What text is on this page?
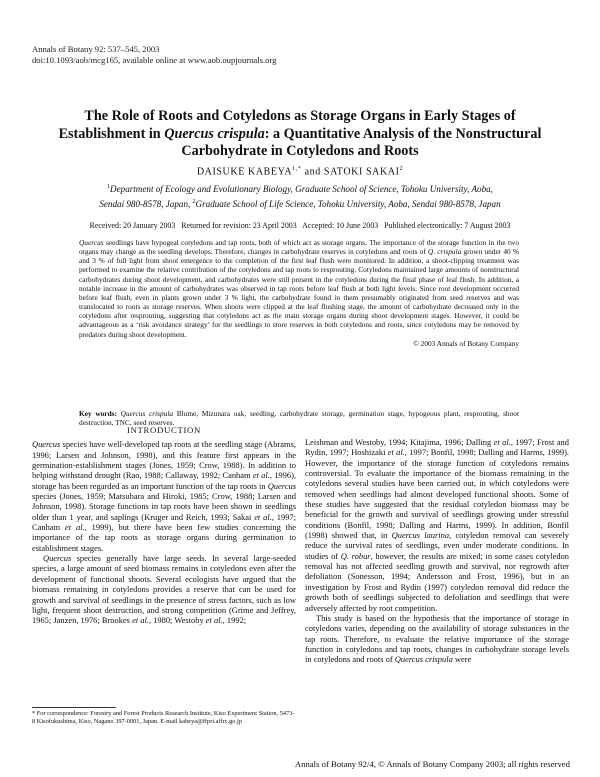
Annals of Botany 92: 537–545, 2003
doi:10.1093/aob/mcg165, available online at www.aob.oupjournals.org
The Role of Roots and Cotyledons as Storage Organs in Early Stages of
Establishment in Quercus crispula: a Quantitative Analysis of the Nonstructural
Carbohydrate in Cotyledons and Roots
DAISUKE $KABEYA^{1,*}$ and SATOKI SAKAI$^2$
$^1$Department of Ecology and Evolutionary Biology, Graduate School of Science, Tohoku University, Aoba,
Sendai 980-8578, Japan, $^2$Graduate School of Life Science, Tohoku University, Aoba, Sendai 980-8578, Japan
Received: 20 January 2003   Returned for revision: 23 April 2003   Accepted: 10 June 2003   Published electronically: 7 August 2003

Quercus seedlings have hypogeal cotyledons and tap roots, both of which act as storage organs. The importance of the storage function in the two organs may change as the seedling develops. Therefore, changes in carbohydrate reserves in cotyledons and roots of Q. crispula grown under 40 % and 3 % of full light from shoot emergence to the completion of the first leaf flush were monitored. In addition, a shoot-clipping treatment was performed to examine the relative contribution of the cotyledons and tap roots to resprouting. Cotyledons maintained large amounts of nonstructural carbohydrates during shoot development, and carbohydrates were still present in the cotyledons during the final phase of leaf flush. In addition, a notable increase in the amount of carbohydrates was observed in tap roots before leaf flush at both light levels. Since root development occurred before leaf flush, even in plants grown under 3 % light, the carbohydrate found in them presumably originated from seed reserves and was translocated to roots as storage reserves. When shoots were clipped at the leaf flushing stage, the amount of carbohydrate decreased only in the cotyledons after resprouting, suggesting that cotyledons act as the main storage organs during shoot development stages. However, it could be advantageous as a ‘risk avoidance strategy’ for the seedlings to store reserves in both cotyledons and roots, since cotyledons may be removed by predators during shoot development.

© 2003 Annals of Botany Company
Key words: Quercus crispula Blume, Mizunara oak, seedling, carbohydrate storage, germination stage, hypogeous plant, resprouting, shoot destruction, TNC, seed reserves.
INTRODUCTION

Quercus species have well-developed tap roots at the seedling stage (Abrams, 1996; Larsen and Johnson, 1998), and this feature first appears in the germination-establishment stages (Jones, 1959; Crow, 1988). In addition to helping withstand drought (Rao, 1988; Callaway, 1992; Canham et al., 1996), storage has been regarded as an important function of the tap roots in Quercus species (Jones, 1959; Matsubara and Hiroki, 1985; Crow, 1988; Larsen and Johnson, 1998). Storage functions in tap roots have been shown in seedlings older than 1 year, and saplings (Kruger and Reich, 1993; Sakai et al., 1997; Canham et al., 1999), but there have been few studies concerning the importance of the tap roots as storage organs during germination to establishment stages.

Quercus species generally have large seeds. In several large-seeded species, a large amount of seed biomass remains in cotyledons even after the development of functional shoots. Several ecologists have argued that the biomass remaining in cotyledons provides a reserve that can be used for growth and survival of seedlings in the presence of stress factors, such as low light, frequent shoot destruction, and strong competition (Grime and Jeffrey, 1965; Janzen, 1976; Brookes et al., 1980; Westoby et al., 1992;

Leishman and Westoby, 1994; Kitajima, 1996; Dalling et al., 1997; Frost and Rydin, 1997; Hoshizaki et al., 1997; Bonfil, 1998; Dalling and Harms, 1999). However, the importance of the storage function of cotyledons remains controversial. To evaluate the importance of the biomass remaining in the cotyledons several studies have been carried out, in which cotyledons were removed when seedlings had almost developed functional shoots. Some of these studies have suggested that the residual cotyledon biomass may be beneficial for the growth and survival of seedlings growing under stressful conditions (Bonfil, 1998; Dalling and Harms, 1999). In addition, Bonfil (1998) showed that, in Quercus laurina, cotyledon removal can severely reduce the survival rates of seedlings, even under moderate conditions. In studies of Q. robur, however, the results are mixed; in some cases cotyledon removal has not affected seedling growth and survival, nor regrowth after defoliation (Sonesson, 1994; Andersson and Frost, 1996), but in an investigation by Frost and Rydin (1997) cotyledon removal did reduce the growth both of seedlings subjected to defoliation and seedlings that were adversely affected by root competition.

This study is based on the hypothesis that the importance of storage in cotyledons varies, depending on the availability of storage substances in the tap roots. Therefore, to evaluate the relative importance of the storage function in cotyledons and tap roots, changes in carbohydrate storage levels in cotyledons and roots of Quercus crispula were

* For correspondence: Forestry and Forest Products Research Institute, Kiso Experiment Station, 5473-8 Kisofukushima, Kiso, Nagano 397-0001, Japan. E-mail kabeya@ffpri.affrc.go.jp
Annals of Botany 92/4, © Annals of Botany Company 2003; all rights reserved
